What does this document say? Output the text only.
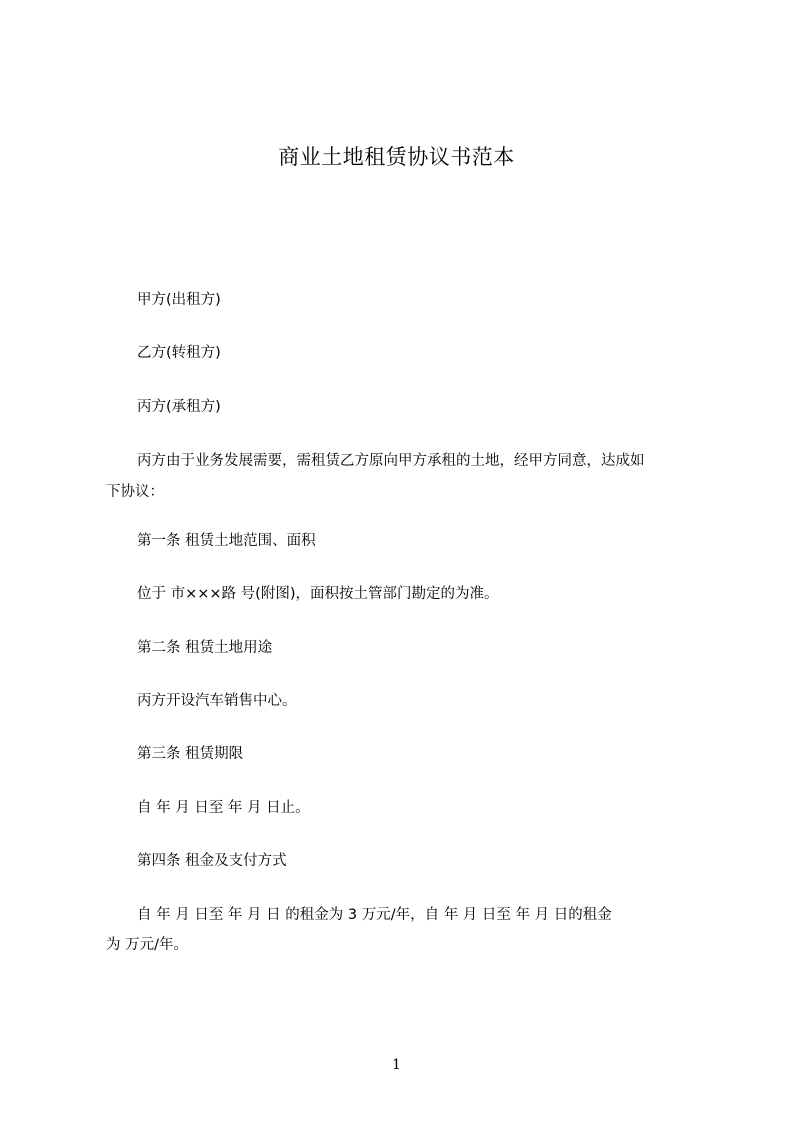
商业土地租赁协议书范本
甲方(出租方)
乙方(转租方)
丙方(承租方)
丙方由于业务发展需要，需租赁乙方原向甲方承租的土地，经甲方同意，达成如
下协议：
第一条 租赁土地范围、面积
位于 市×××路 号(附图)，面积按土管部门勘定的为准。
第二条 租赁土地用途
丙方开设汽车销售中心。
第三条 租赁期限
自 年 月 日至 年 月 日止。
第四条 租金及支付方式
自 年 月 日至 年 月 日 的租金为 3 万元/年，自 年 月 日至 年 月 日的租金
为 万元/年。
1
